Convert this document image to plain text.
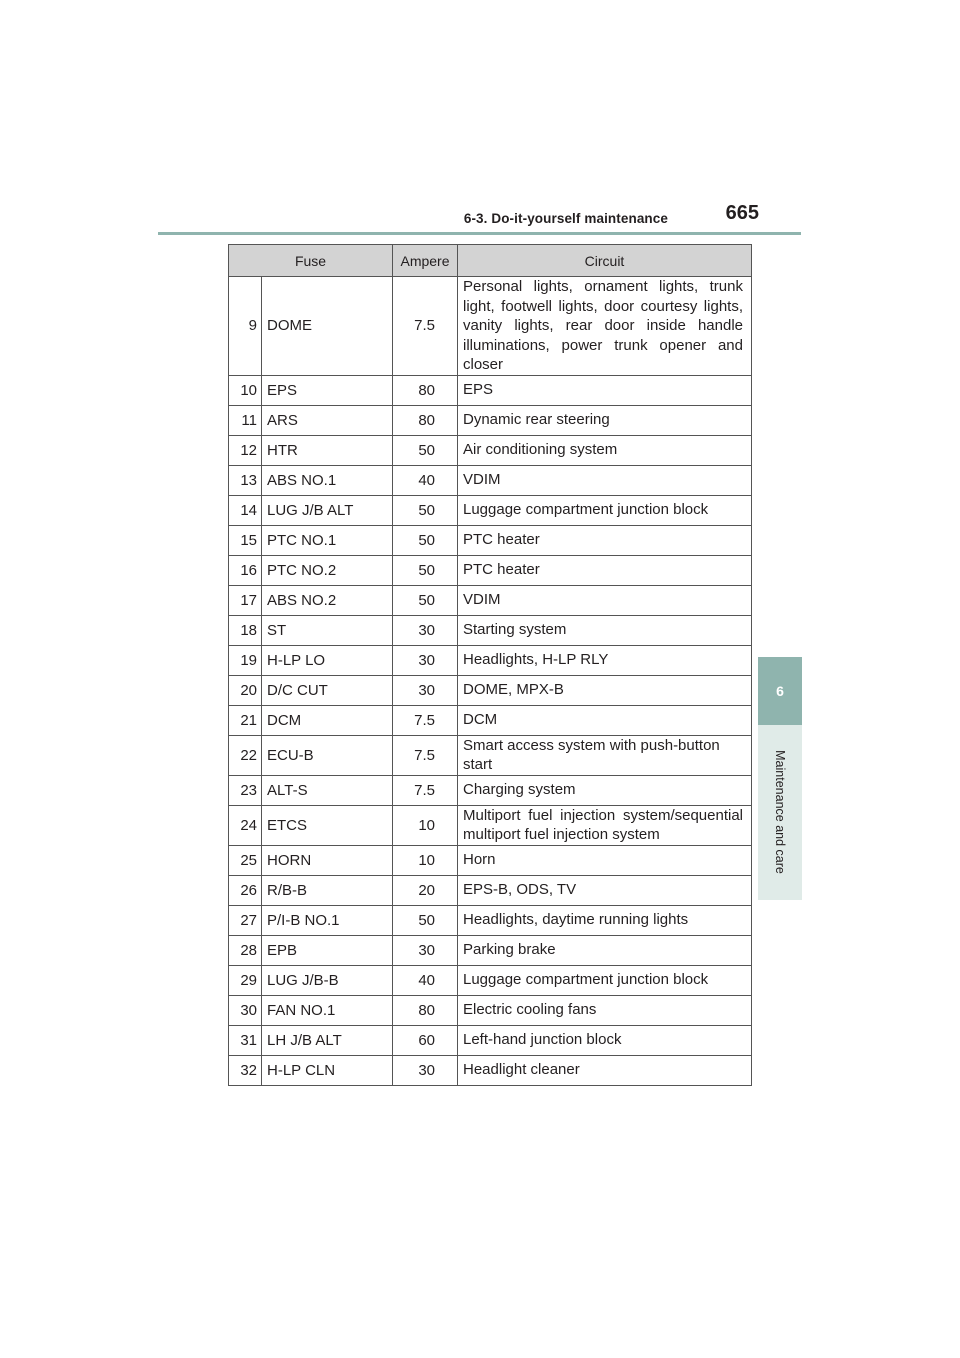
6-3. Do-it-yourself maintenance	665
6
Maintenance and care
Fuse		Ampere	Circuit
9	DOME	7.5	Personal lights, ornament lights, trunk light, footwell lights, door courtesy lights, vanity lights, rear door inside handle illuminations, power trunk opener and closer
10	EPS	80	EPS
11	ARS	80	Dynamic rear steering
12	HTR	50	Air conditioning system
13	ABS NO.1	40	VDIM
14	LUG J/B ALT	50	Luggage compartment junction block
15	PTC NO.1	50	PTC heater
16	PTC NO.2	50	PTC heater
17	ABS NO.2	50	VDIM
18	ST	30	Starting system
19	H-LP LO	30	Headlights, H-LP RLY
20	D/C CUT	30	DOME, MPX-B
21	DCM	7.5	DCM
22	ECU-B	7.5	Smart access system with push-button start
23	ALT-S	7.5	Charging system
24	ETCS	10	Multiport fuel injection system/sequential multiport fuel injection system
25	HORN	10	Horn
26	R/B-B	20	EPS-B, ODS, TV
27	P/I-B NO.1	50	Headlights, daytime running lights
28	EPB	30	Parking brake
29	LUG J/B-B	40	Luggage compartment junction block
30	FAN NO.1	80	Electric cooling fans
31	LH J/B ALT	60	Left-hand junction block
32	H-LP CLN	30	Headlight cleaner
